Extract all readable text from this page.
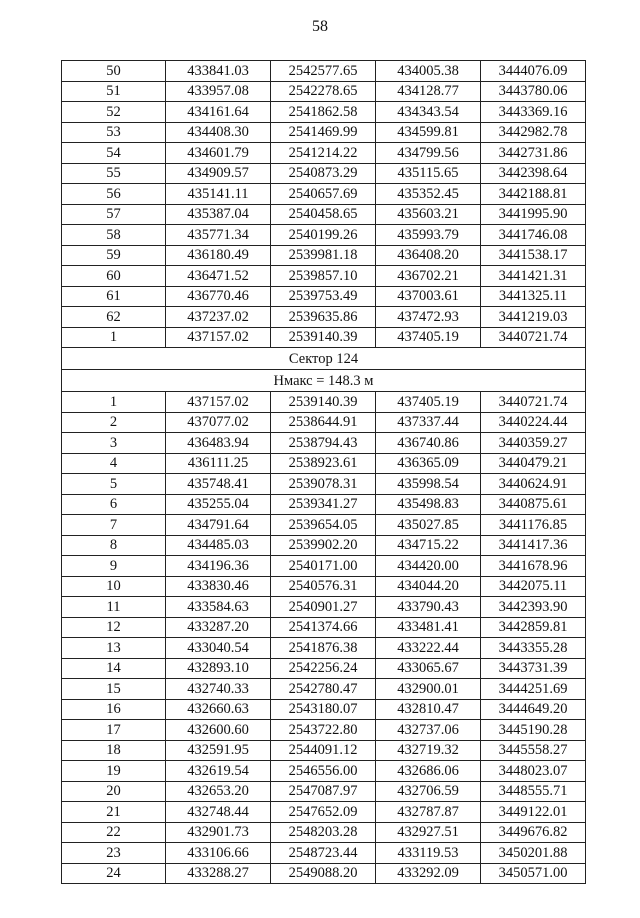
58
50	433841.03	2542577.65	434005.38	3444076.09
51	433957.08	2542278.65	434128.77	3443780.06
52	434161.64	2541862.58	434343.54	3443369.16
53	434408.30	2541469.99	434599.81	3442982.78
54	434601.79	2541214.22	434799.56	3442731.86
55	434909.57	2540873.29	435115.65	3442398.64
56	435141.11	2540657.69	435352.45	3442188.81
57	435387.04	2540458.65	435603.21	3441995.90
58	435771.34	2540199.26	435993.79	3441746.08
59	436180.49	2539981.18	436408.20	3441538.17
60	436471.52	2539857.10	436702.21	3441421.31
61	436770.46	2539753.49	437003.61	3441325.11
62	437237.02	2539635.86	437472.93	3441219.03
1	437157.02	2539140.39	437405.19	3440721.74
Сектор 124				
Нмакс = 148.3 м				
1	437157.02	2539140.39	437405.19	3440721.74
2	437077.02	2538644.91	437337.44	3440224.44
3	436483.94	2538794.43	436740.86	3440359.27
4	436111.25	2538923.61	436365.09	3440479.21
5	435748.41	2539078.31	435998.54	3440624.91
6	435255.04	2539341.27	435498.83	3440875.61
7	434791.64	2539654.05	435027.85	3441176.85
8	434485.03	2539902.20	434715.22	3441417.36
9	434196.36	2540171.00	434420.00	3441678.96
10	433830.46	2540576.31	434044.20	3442075.11
11	433584.63	2540901.27	433790.43	3442393.90
12	433287.20	2541374.66	433481.41	3442859.81
13	433040.54	2541876.38	433222.44	3443355.28
14	432893.10	2542256.24	433065.67	3443731.39
15	432740.33	2542780.47	432900.01	3444251.69
16	432660.63	2543180.07	432810.47	3444649.20
17	432600.60	2543722.80	432737.06	3445190.28
18	432591.95	2544091.12	432719.32	3445558.27
19	432619.54	2546556.00	432686.06	3448023.07
20	432653.20	2547087.97	432706.59	3448555.71
21	432748.44	2547652.09	432787.87	3449122.01
22	432901.73	2548203.28	432927.51	3449676.82
23	433106.66	2548723.44	433119.53	3450201.88
24	433288.27	2549088.20	433292.09	3450571.00
